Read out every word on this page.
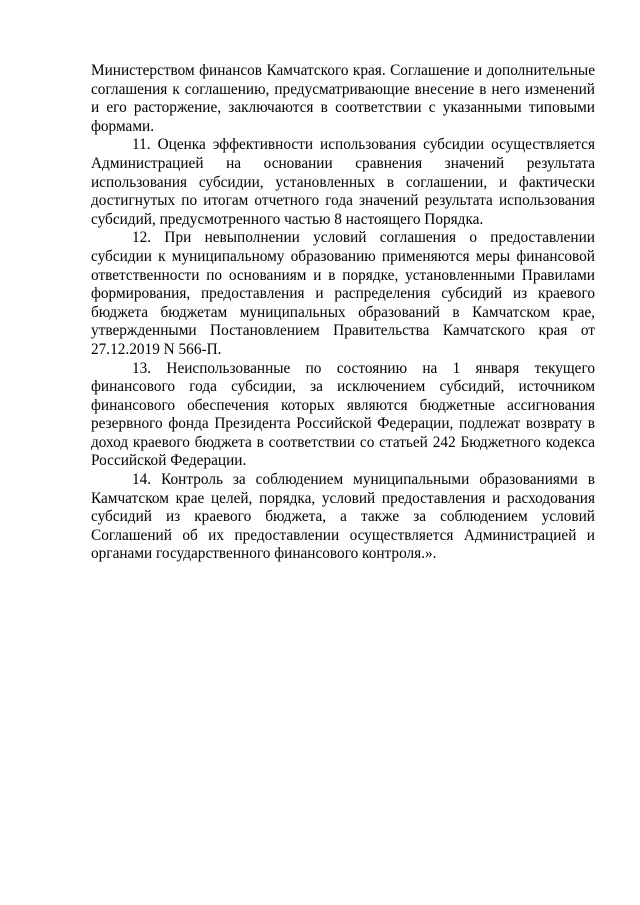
Министерством финансов Камчатского края. Соглашение и дополнительные соглашения к соглашению, предусматривающие внесение в него изменений и его расторжение, заключаются в соответствии с указанными типовыми формами.

11. Оценка эффективности использования субсидии осуществляется Администрацией на основании сравнения значений результата использования субсидии, установленных в соглашении, и фактически достигнутых по итогам отчетного года значений результата использования субсидий, предусмотренного частью 8 настоящего Порядка.

12. При невыполнении условий соглашения о предоставлении субсидии к муниципальному образованию применяются меры финансовой ответственности по основаниям и в порядке, установленными Правилами формирования, предоставления и распределения субсидий из краевого бюджета бюджетам муниципальных образований в Камчатском крае, утвержденными Постановлением Правительства Камчатского края от 27.12.2019 N 566-П.

13. Неиспользованные по состоянию на 1 января текущего финансового года субсидии, за исключением субсидий, источником финансового обеспечения которых являются бюджетные ассигнования резервного фонда Президента Российской Федерации, подлежат возврату в доход краевого бюджета в соответствии со статьей 242 Бюджетного кодекса Российской Федерации.

14. Контроль за соблюдением муниципальными образованиями в Камчатском крае целей, порядка, условий предоставления и расходования субсидий из краевого бюджета, а также за соблюдением условий Соглашений об их предоставлении осуществляется Администрацией и органами государственного финансового контроля.».
